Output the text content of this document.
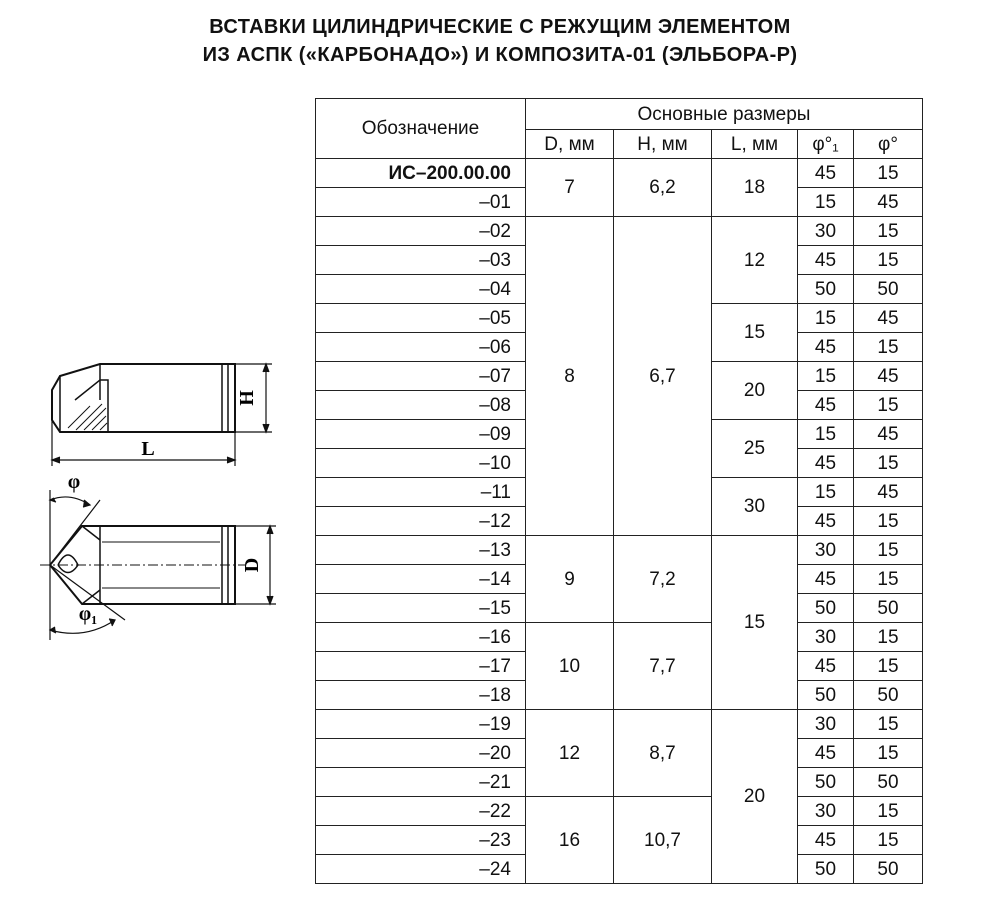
ВСТАВКИ ЦИЛИНДРИЧЕСКИЕ С РЕЖУЩИМ ЭЛЕМЕНТОМ
ИЗ АСПК («КАРБОНАДО») И КОМПОЗИТА-01 (ЭЛЬБОРА-Р)
H
L
D
φ
φ₁
Обозначение	Основные размеры				
	D, мм	H, мм	L, мм	φ°₁	φ°
ИС–200.00.00	7	6,2	18	45	15
–01				15	45
–02	8	6,7	12	30	15
–03				45	15
–04				50	50
–05			15	15	45
–06				45	15
–07			20	15	45
–08				45	15
–09			25	15	45
–10				45	15
–11			30	15	45
–12				45	15
–13	9	7,2	15	30	15
–14				45	15
–15				50	50
–16	10	7,7		30	15
–17				45	15
–18				50	50
–19	12	8,7	20	30	15
–20				45	15
–21				50	50
–22	16	10,7		30	15
–23				45	15
–24				50	50
